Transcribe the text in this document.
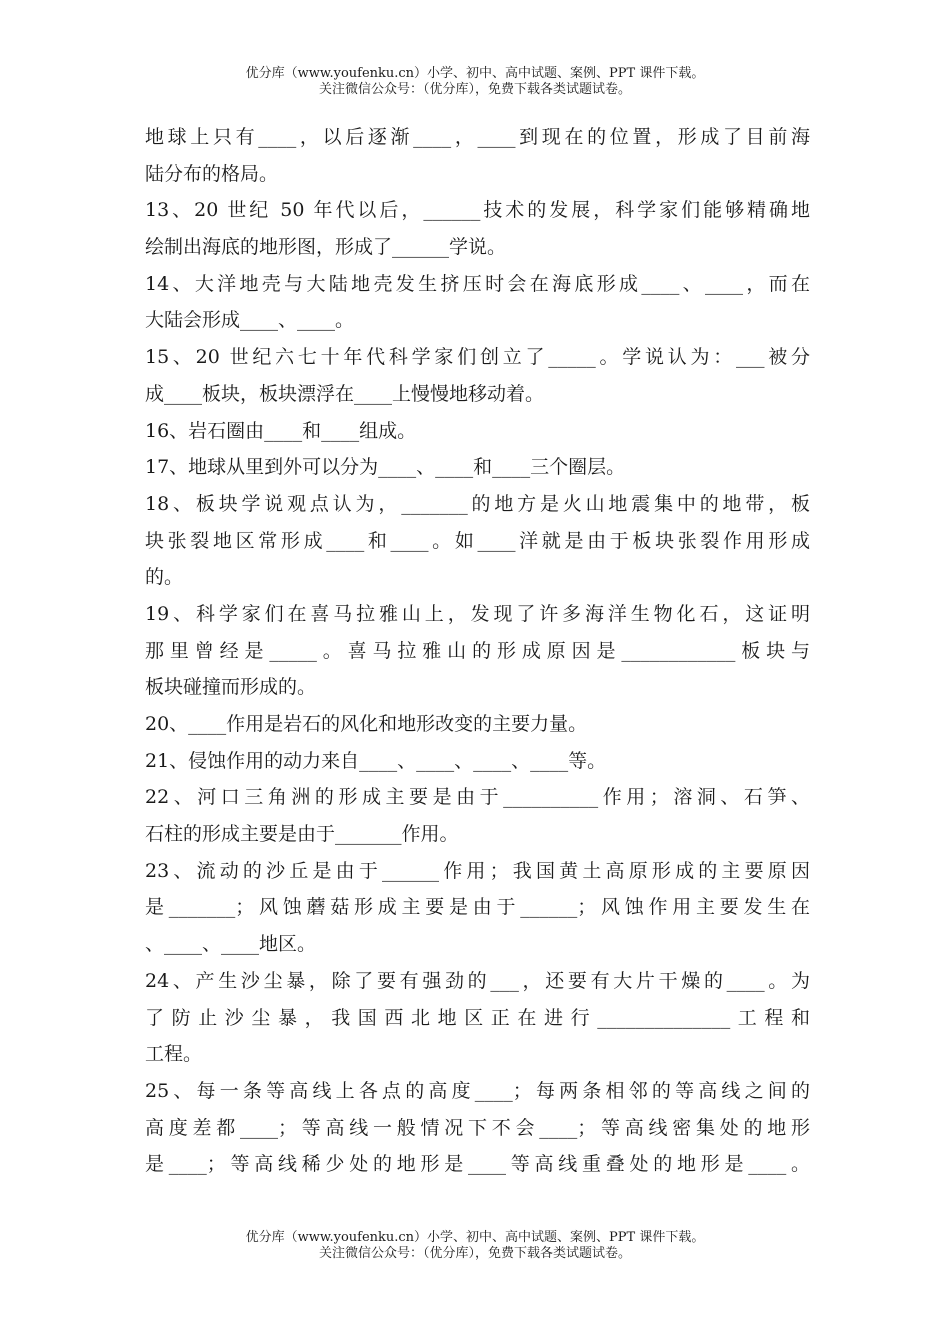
优分库（www.youfenku.cn）小学、初中、高中试题、案例、PPT 课件下载。
关注微信公众号：（优分库），免费下载各类试题试卷。
地球上只有____，以后逐渐____，____到现在的位置，形成了目前海
陆分布的格局。
13、20 世纪 50 年代以后，______技术的发展，科学家们能够精确地
绘制出海底的地形图，形成了______学说。
14、大洋地壳与大陆地壳发生挤压时会在海底形成____、____，而在
大陆会形成____、____。
15、20 世纪六七十年代科学家们创立了_____。学说认为：___被分
成____板块，板块漂浮在____上慢慢地移动着。
16、岩石圈由____和____组成。
17、地球从里到外可以分为____、____和____三个圈层。
18、板块学说观点认为，_______的地方是火山地震集中的地带，板
块张裂地区常形成____和____。如____洋就是由于板块张裂作用形成
的。
19、科学家们在喜马拉雅山上，发现了许多海洋生物化石，这证明
那里曾经是_____。喜马拉雅山的形成原因是____________板块与
板块碰撞而形成的。
20、____作用是岩石的风化和地形改变的主要力量。
21、侵蚀作用的动力来自____、____、____、____等。
22、河口三角洲的形成主要是由于__________作用；溶洞、石笋、
石柱的形成主要是由于_______作用。
23、流动的沙丘是由于______作用；我国黄土高原形成的主要原因
是_______；风蚀蘑菇形成主要是由于______；风蚀作用主要发生在
、____、____地区。
24、产生沙尘暴，除了要有强劲的___，还要有大片干燥的____。为
了防止沙尘暴，我国西北地区正在进行______________工程和
工程。
25、每一条等高线上各点的高度____；每两条相邻的等高线之间的
高度差都____；等高线一般情况下不会____；等高线密集处的地形
是____；等高线稀少处的地形是____等高线重叠处的地形是____。
优分库（www.youfenku.cn）小学、初中、高中试题、案例、PPT 课件下载。
关注微信公众号：（优分库），免费下载各类试题试卷。
